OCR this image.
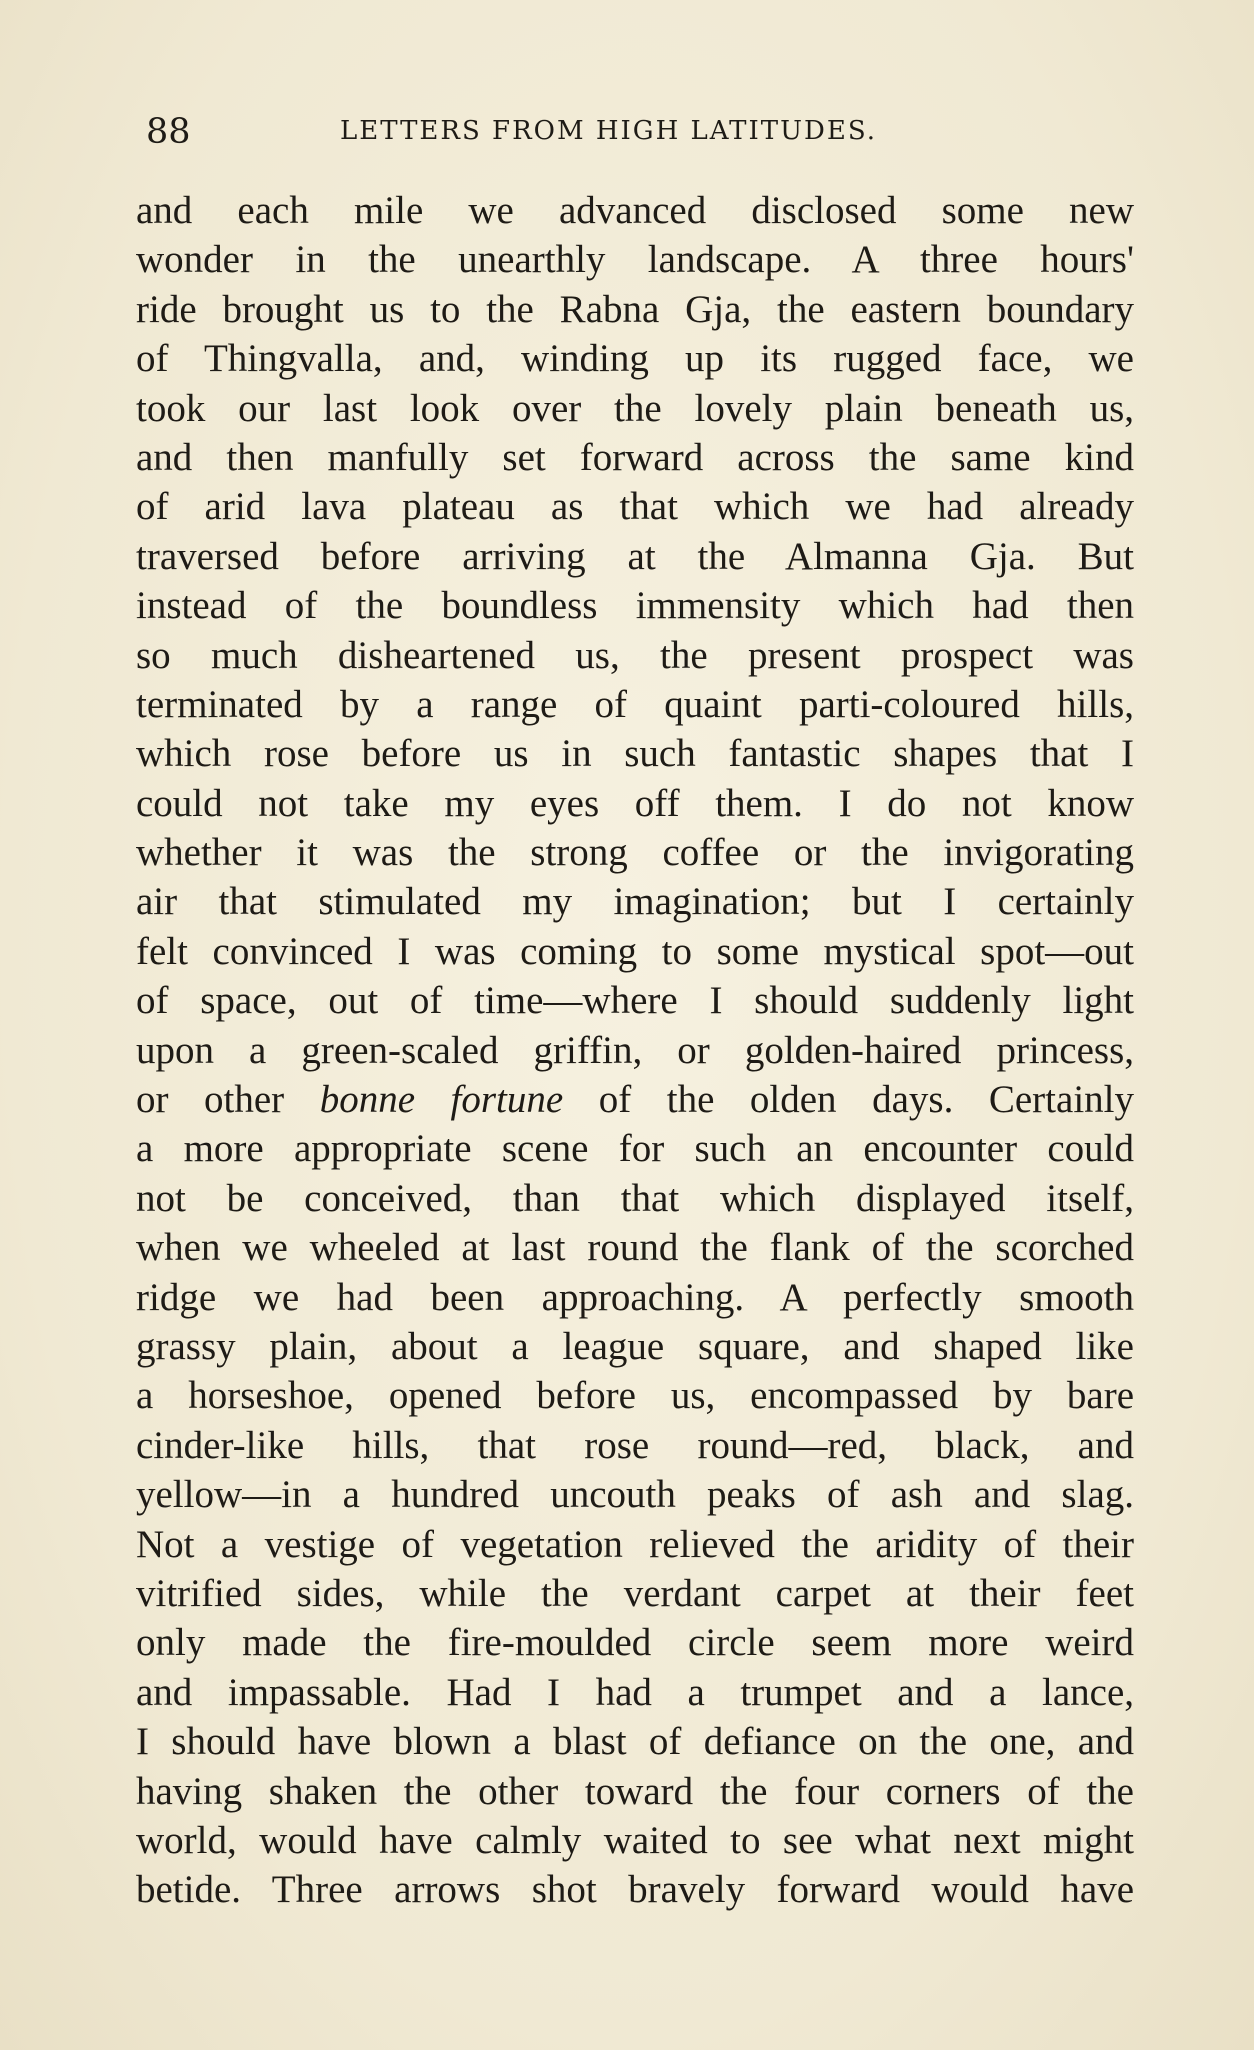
88	LETTERS FROM HIGH LATITUDES.
and each mile we advanced disclosed some new
wonder in the unearthly landscape. A three hours'
ride brought us to the Rabna Gja, the eastern boundary
of Thingvalla, and, winding up its rugged face, we
took our last look over the lovely plain beneath us,
and then manfully set forward across the same kind
of arid lava plateau as that which we had already
traversed before arriving at the Almanna Gja. But
instead of the boundless immensity which had then
so much disheartened us, the present prospect was
terminated by a range of quaint parti-coloured hills,
which rose before us in such fantastic shapes that I
could not take my eyes off them. I do not know
whether it was the strong coffee or the invigorating
air that stimulated my imagination; but I certainly
felt convinced I was coming to some mystical spot—out
of space, out of time—where I should suddenly light
upon a green-scaled griffin, or golden-haired princess,
or other bonne fortune of the olden days. Certainly
a more appropriate scene for such an encounter could
not be conceived, than that which displayed itself,
when we wheeled at last round the flank of the scorched
ridge we had been approaching. A perfectly smooth
grassy plain, about a league square, and shaped like
a horseshoe, opened before us, encompassed by bare
cinder-like hills, that rose round—red, black, and
yellow—in a hundred uncouth peaks of ash and slag.
Not a vestige of vegetation relieved the aridity of their
vitrified sides, while the verdant carpet at their feet
only made the fire-moulded circle seem more weird
and impassable. Had I had a trumpet and a lance,
I should have blown a blast of defiance on the one, and
having shaken the other toward the four corners of the
world, would have calmly waited to see what next might
betide. Three arrows shot bravely forward would have
